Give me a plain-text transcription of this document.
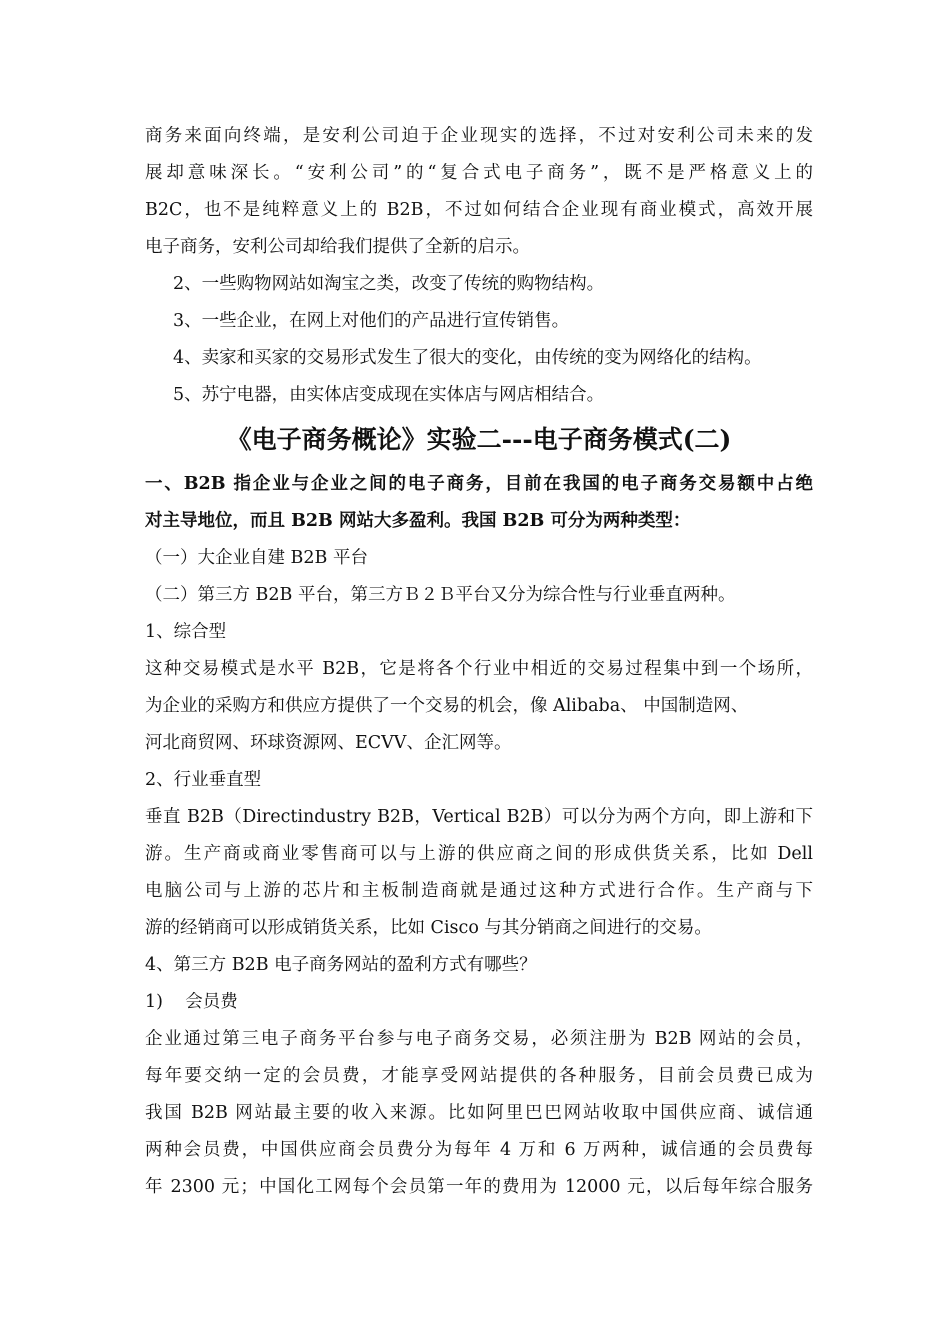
商务来面向终端，是安利公司迫于企业现实的选择，不过对安利公司未来的发
展却意味深长。“安利公司”的“复合式电子商务”，既不是严格意义上的
B2C，也不是纯粹意义上的 B2B，不过如何结合企业现有商业模式，高效开展
电子商务，安利公司却给我们提供了全新的启示。
2、一些购物网站如淘宝之类，改变了传统的购物结构。
3、一些企业，在网上对他们的产品进行宣传销售。
4、卖家和买家的交易形式发生了很大的变化，由传统的变为网络化的结构。
5、苏宁电器，由实体店变成现在实体店与网店相结合。
《电子商务概论》实验二---电子商务模式(二)
一、B2B 指企业与企业之间的电子商务，目前在我国的电子商务交易额中占绝
对主导地位，而且 B2B 网站大多盈利。我国 B2B 可分为两种类型：
（一）大企业自建 B2B 平台
（二）第三方 B2B 平台，第三方Ｂ２Ｂ平台又分为综合性与行业垂直两种。
1、综合型
这种交易模式是水平 B2B，它是将各个行业中相近的交易过程集中到一个场所，
为企业的采购方和供应方提供了一个交易的机会，像 Alibaba、 中国制造网、
河北商贸网、环球资源网、ECVV、企汇网等。
2、行业垂直型
垂直 B2B（Directindustry B2B，Vertical B2B）可以分为两个方向，即上游和下
游。生产商或商业零售商可以与上游的供应商之间的形成供货关系，比如 Dell
电脑公司与上游的芯片和主板制造商就是通过这种方式进行合作。生产商与下
游的经销商可以形成销货关系，比如 Cisco 与其分销商之间进行的交易。
4、第三方 B2B 电子商务网站的盈利方式有哪些？
1)    会员费
企业通过第三电子商务平台参与电子商务交易，必须注册为 B2B 网站的会员，
每年要交纳一定的会员费，才能享受网站提供的各种服务，目前会员费已成为
我国 B2B 网站最主要的收入来源。比如阿里巴巴网站收取中国供应商、诚信通
两种会员费，中国供应商会员费分为每年 4 万和 6 万两种，诚信通的会员费每
年 2300 元；中国化工网每个会员第一年的费用为 12000 元，以后每年综合服务
